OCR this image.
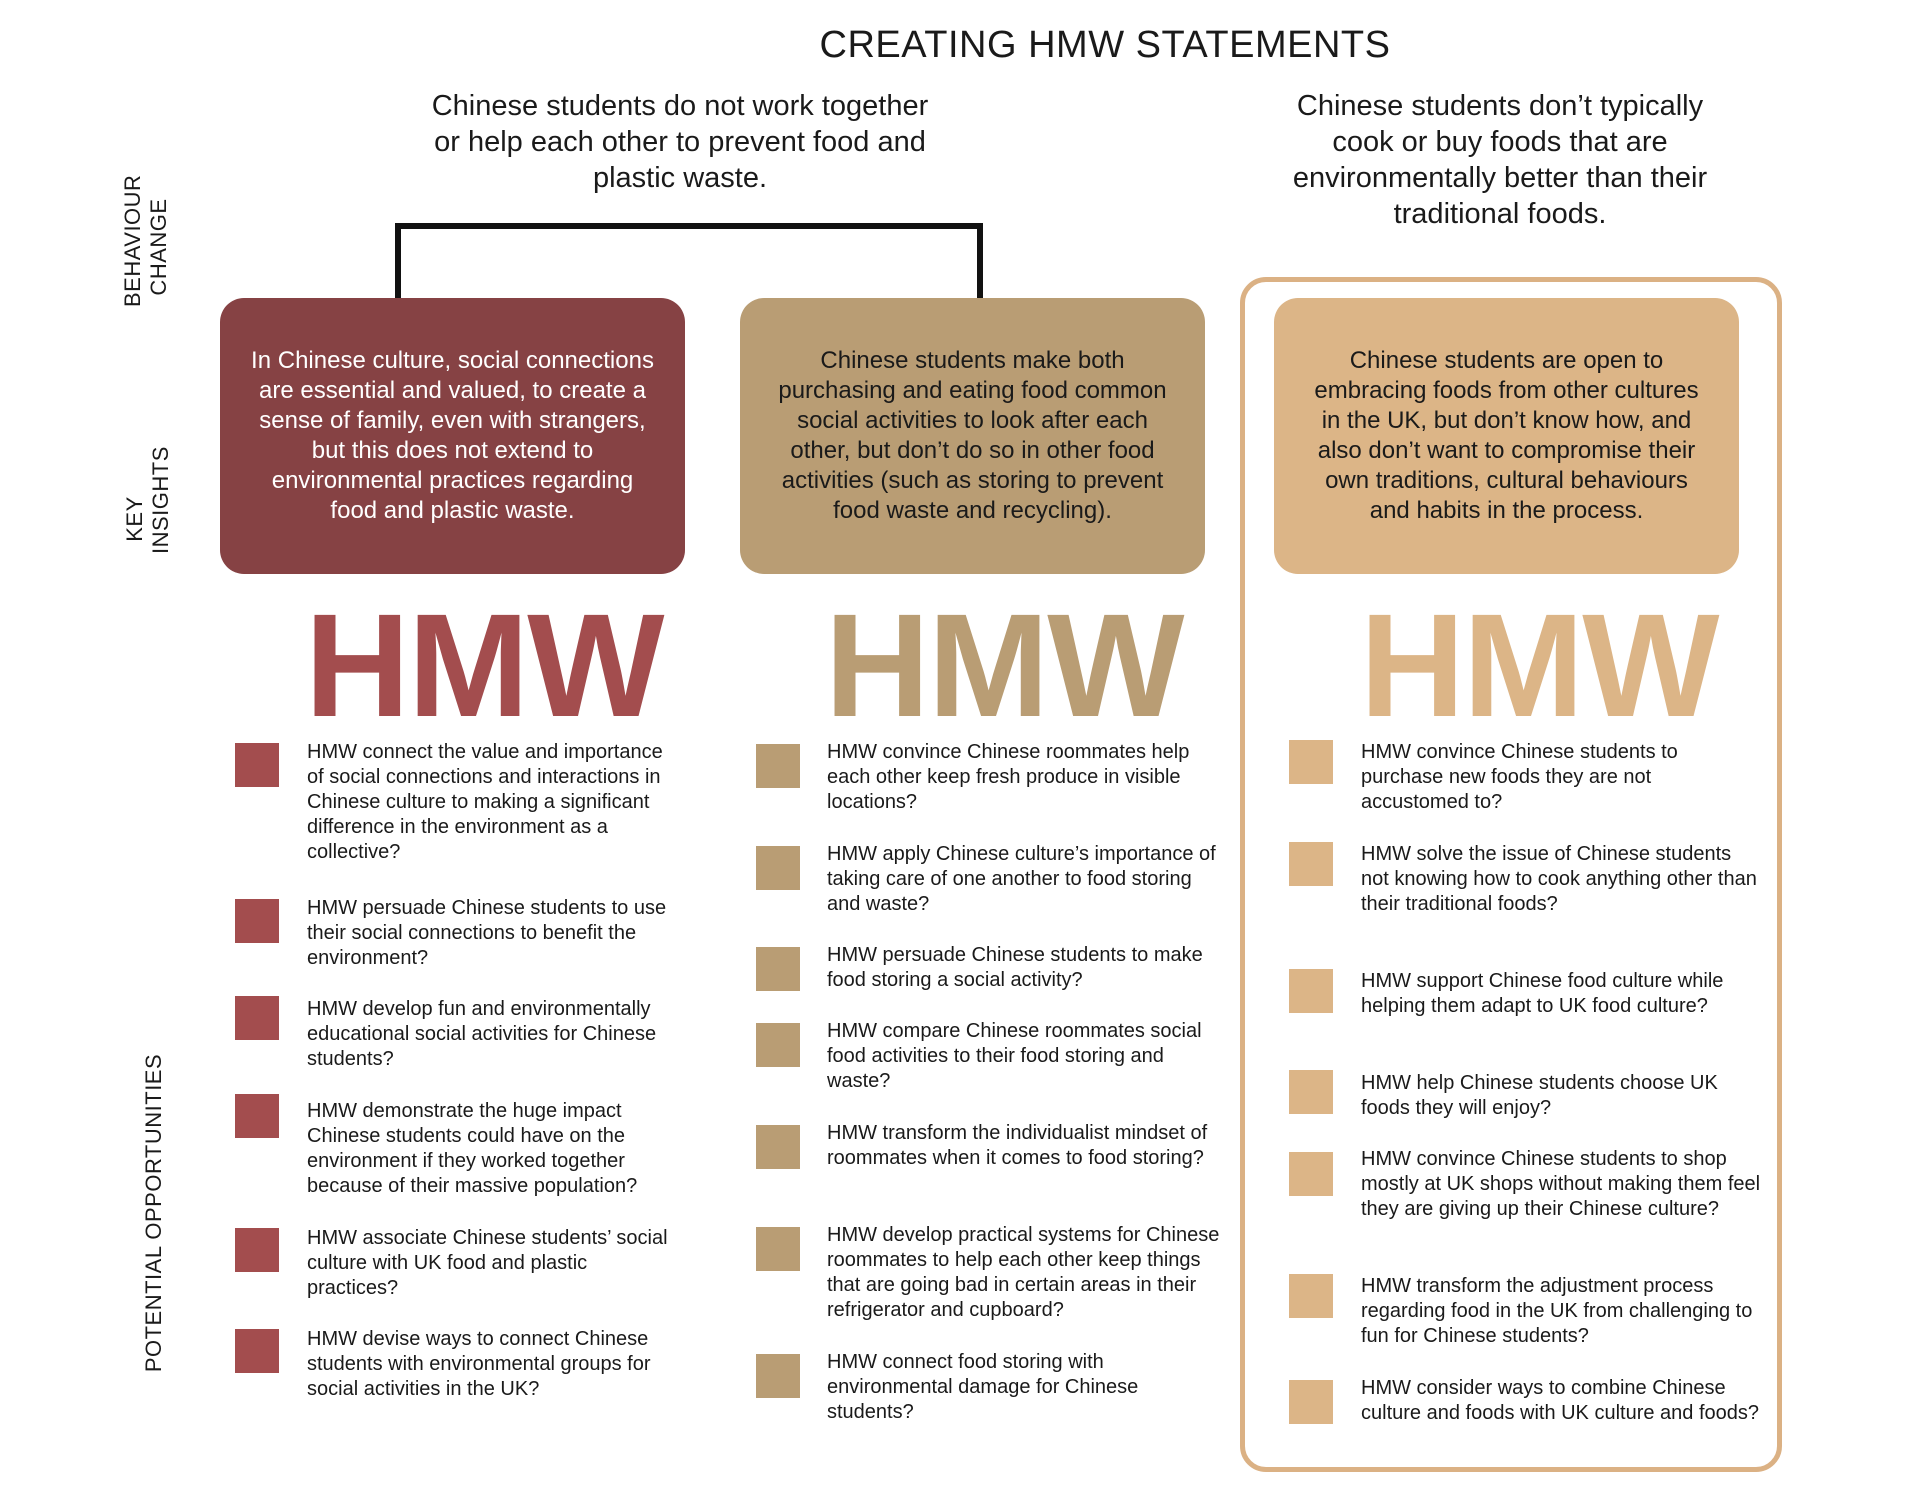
CREATING HMW STATEMENTS
Chinese students do not work together or help each other to prevent food and plastic waste.
Chinese students don’t typically cook or buy foods that are environmentally better than their traditional foods.
BEHAVIOUR CHANGE
KEY INSIGHTS
POTENTIAL OPPORTUNITIES
In Chinese culture, social connections are essential and valued, to create a sense of family, even with strangers, but this does not extend to environmental practices regarding food and plastic waste.
Chinese students make both purchasing and eating food common social activities to look after each other, but don’t do so in other food activities (such as storing to prevent food waste and recycling).
Chinese students are open to embracing foods from other cultures in the UK, but don’t know how, and also don’t want to compromise their own traditions, cultural behaviours and habits in the process.
HMW HMW HMW
HMW connect the value and importance of social connections and interactions in Chinese culture to making a significant difference in the environment as a collective?
HMW persuade Chinese students to use their social connections to benefit the environment?
HMW develop fun and environmentally educational social activities for Chinese students?
HMW demonstrate the huge impact Chinese students could have on the environment if they worked together because of their massive population?
HMW associate Chinese students’ social culture with UK food and plastic practices?
HMW devise ways to connect Chinese students with environmental groups for social activities in the UK?
HMW convince Chinese roommates help each other keep fresh produce in visible locations?
HMW apply Chinese culture’s importance of taking care of one another to food storing and waste?
HMW persuade Chinese students to make food storing a social activity?
HMW compare Chinese roommates social food activities to their food storing and waste?
HMW transform the individualist mindset of roommates when it comes to food storing?
HMW develop practical systems for Chinese roommates to help each other keep things that are going bad in certain areas in their refrigerator and cupboard?
HMW connect food storing with environmental damage for Chinese students?
HMW convince Chinese students to purchase new foods they are not accustomed to?
HMW solve the issue of Chinese students not knowing how to cook anything other than their traditional foods?
HMW support Chinese food culture while helping them adapt to UK food culture?
HMW help Chinese students choose UK foods they will enjoy?
HMW convince Chinese students to shop mostly at UK shops without making them feel they are giving up their Chinese culture?
HMW transform the adjustment process regarding food in the UK from challenging to fun for Chinese students?
HMW consider ways to combine Chinese culture and foods with UK culture and foods?
